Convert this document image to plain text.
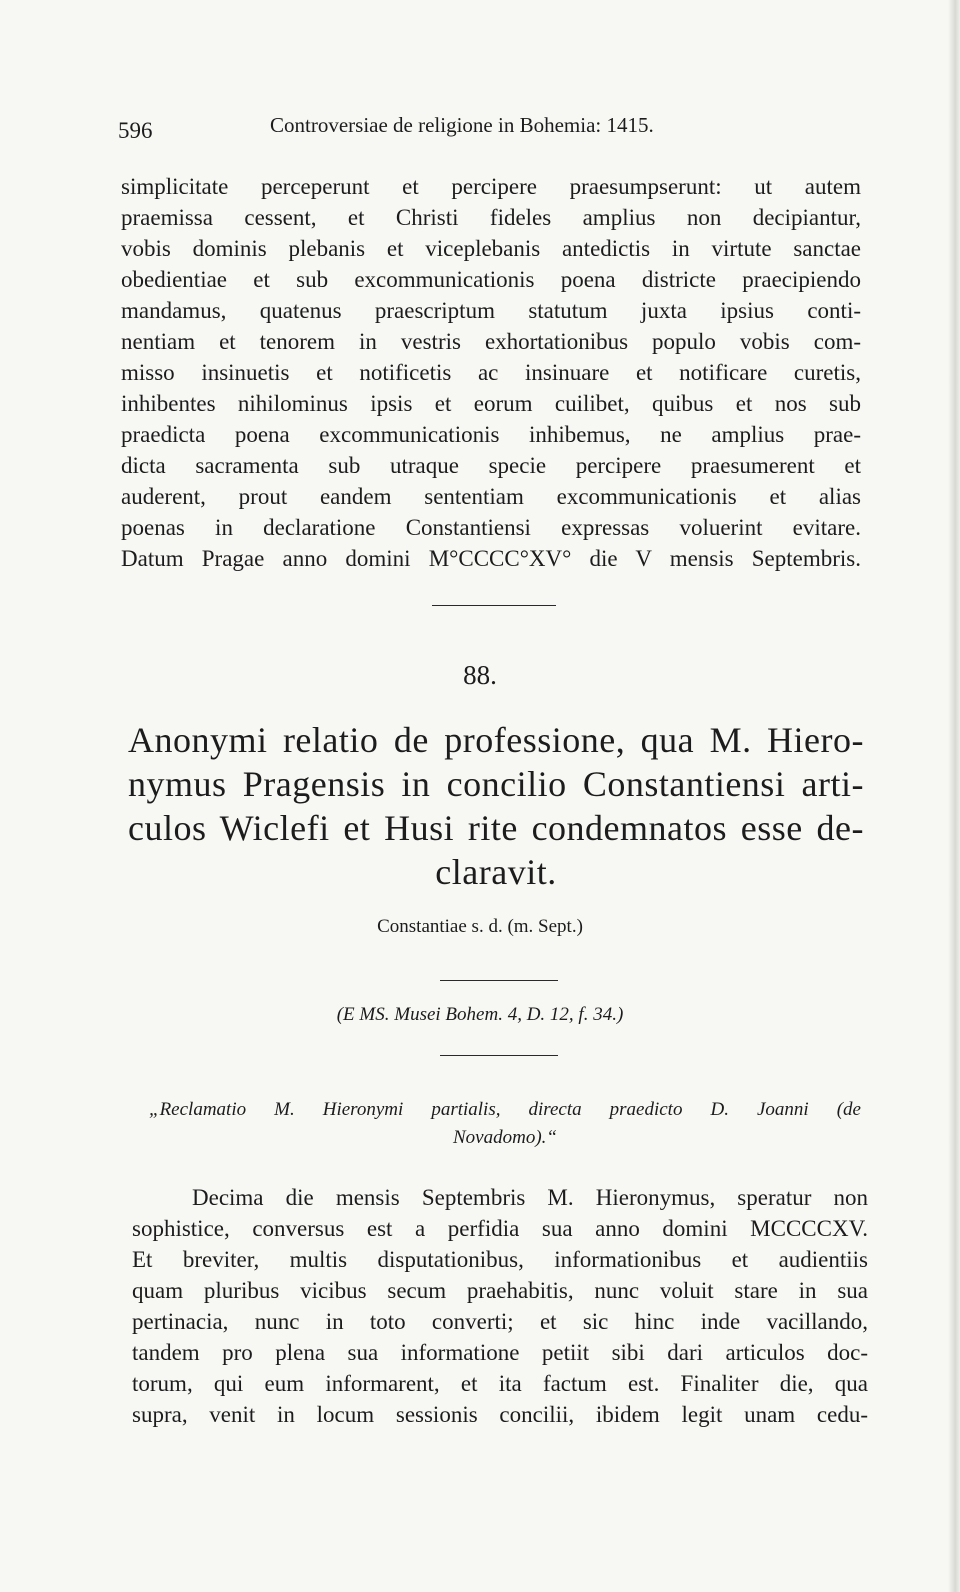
596	Controversiae de religione in Bohemia: 1415.
simplicitate perceperunt et percipere praesumpserunt: ut autem
praemissa cessent, et Christi fideles amplius non decipiantur,
vobis dominis plebanis et viceplebanis antedictis in virtute sanctae
obedientiae et sub excommunicationis poena districte praecipiendo
mandamus, quatenus praescriptum statutum juxta ipsius conti-
nentiam et tenorem in vestris exhortationibus populo vobis com-
misso insinuetis et notificetis ac insinuare et notificare curetis,
inhibentes nihilominus ipsis et eorum cuilibet, quibus et nos sub
praedicta poena excommunicationis inhibemus, ne amplius prae-
dicta sacramenta sub utraque specie percipere praesumerent et
auderent, prout eandem sententiam excommunicationis et alias
poenas in declaratione Constantiensi expressas voluerint evitare.
Datum Pragae anno domini M°CCCC°XV° die V mensis Septembris.
88.
Anonymi relatio de professione, qua M. Hiero-
nymus Pragensis in concilio Constantiensi arti-
culos Wiclefi et Husi rite condemnatos esse de-
claravit.
Constantiae s. d. (m. Sept.)
(E MS. Musei Bohem. 4, D. 12, f. 34.)
„Reclamatio M. Hieronymi partialis, directa praedicto D. Joanni (de
Novadomo).“
Decima die mensis Septembris M. Hieronymus, speratur non
sophistice, conversus est a perfidia sua anno domini MCCCCXV.
Et breviter, multis disputationibus, informationibus et audientiis
quam pluribus vicibus secum praehabitis, nunc voluit stare in sua
pertinacia, nunc in toto converti; et sic hinc inde vacillando,
tandem pro plena sua informatione petiit sibi dari articulos doc-
torum, qui eum informarent, et ita factum est. Finaliter die, qua
supra, venit in locum sessionis concilii, ibidem legit unam cedu-
